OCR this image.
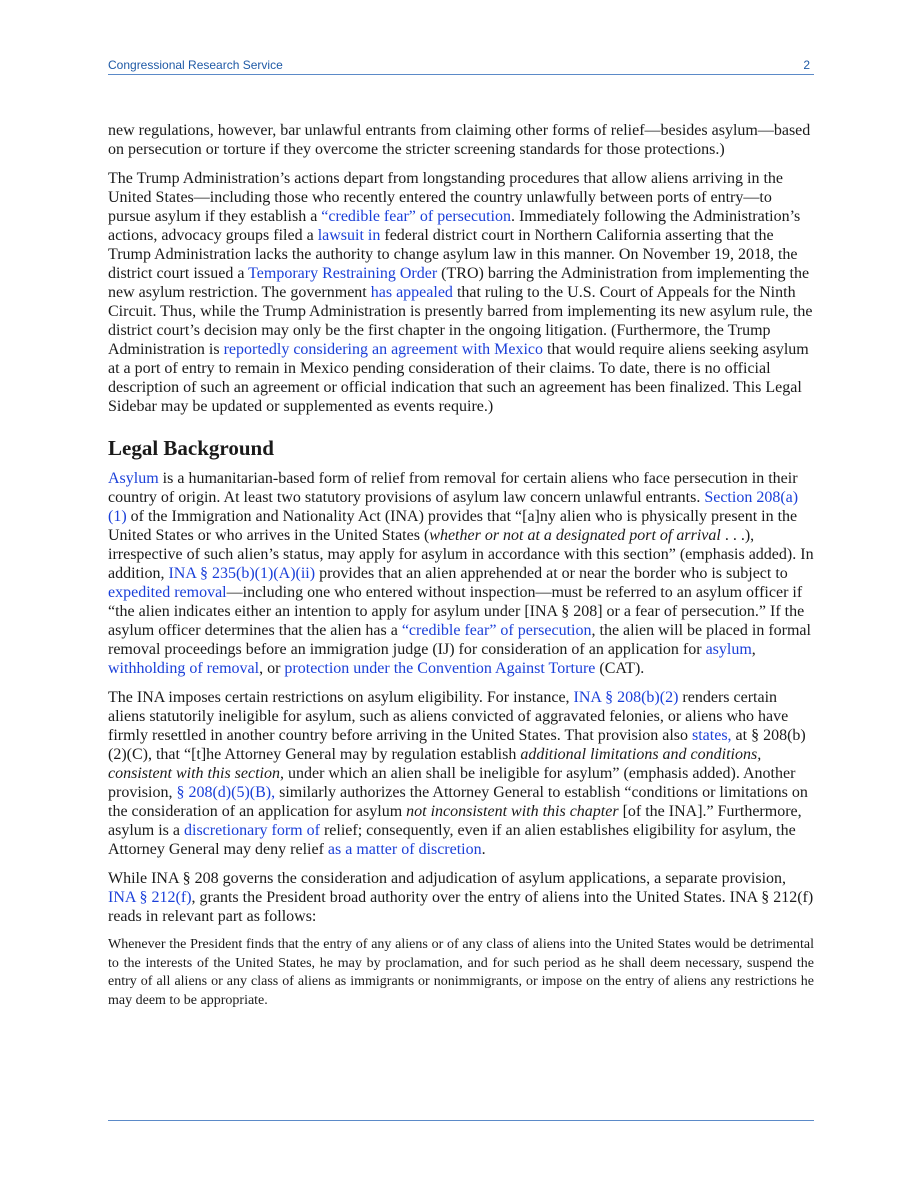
Congressional Research Service	2

new regulations, however, bar unlawful entrants from claiming other forms of relief—besides asylum—based on persecution or torture if they overcome the stricter screening standards for those protections.)

The Trump Administration’s actions depart from longstanding procedures that allow aliens arriving in the United States—including those who recently entered the country unlawfully between ports of entry—to pursue asylum if they establish a “credible fear” of persecution. Immediately following the Administration’s actions, advocacy groups filed a lawsuit in federal district court in Northern California asserting that the Trump Administration lacks the authority to change asylum law in this manner. On November 19, 2018, the district court issued a Temporary Restraining Order (TRO) barring the Administration from implementing the new asylum restriction. The government has appealed that ruling to the U.S. Court of Appeals for the Ninth Circuit. Thus, while the Trump Administration is presently barred from implementing its new asylum rule, the district court’s decision may only be the first chapter in the ongoing litigation. (Furthermore, the Trump Administration is reportedly considering an agreement with Mexico that would require aliens seeking asylum at a port of entry to remain in Mexico pending consideration of their claims. To date, there is no official description of such an agreement or official indication that such an agreement has been finalized. This Legal Sidebar may be updated or supplemented as events require.)

Legal Background

Asylum is a humanitarian-based form of relief from removal for certain aliens who face persecution in their country of origin. At least two statutory provisions of asylum law concern unlawful entrants. Section 208(a)(1) of the Immigration and Nationality Act (INA) provides that “[a]ny alien who is physically present in the United States or who arrives in the United States (whether or not at a designated port of arrival . . .), irrespective of such alien’s status, may apply for asylum in accordance with this section” (emphasis added). In addition, INA § 235(b)(1)(A)(ii) provides that an alien apprehended at or near the border who is subject to expedited removal—including one who entered without inspection—must be referred to an asylum officer if “the alien indicates either an intention to apply for asylum under [INA § 208] or a fear of persecution.” If the asylum officer determines that the alien has a “credible fear” of persecution, the alien will be placed in formal removal proceedings before an immigration judge (IJ) for consideration of an application for asylum, withholding of removal, or protection under the Convention Against Torture (CAT).

The INA imposes certain restrictions on asylum eligibility. For instance, INA § 208(b)(2) renders certain aliens statutorily ineligible for asylum, such as aliens convicted of aggravated felonies, or aliens who have firmly resettled in another country before arriving in the United States. That provision also states, at § 208(b)(2)(C), that “[t]he Attorney General may by regulation establish additional limitations and conditions, consistent with this section, under which an alien shall be ineligible for asylum” (emphasis added). Another provision, § 208(d)(5)(B), similarly authorizes the Attorney General to establish “conditions or limitations on the consideration of an application for asylum not inconsistent with this chapter [of the INA].” Furthermore, asylum is a discretionary form of relief; consequently, even if an alien establishes eligibility for asylum, the Attorney General may deny relief as a matter of discretion.

While INA § 208 governs the consideration and adjudication of asylum applications, a separate provision, INA § 212(f), grants the President broad authority over the entry of aliens into the United States. INA § 212(f) reads in relevant part as follows:

Whenever the President finds that the entry of any aliens or of any class of aliens into the United States would be detrimental to the interests of the United States, he may by proclamation, and for such period as he shall deem necessary, suspend the entry of all aliens or any class of aliens as immigrants or nonimmigrants, or impose on the entry of aliens any restrictions he may deem to be appropriate.
